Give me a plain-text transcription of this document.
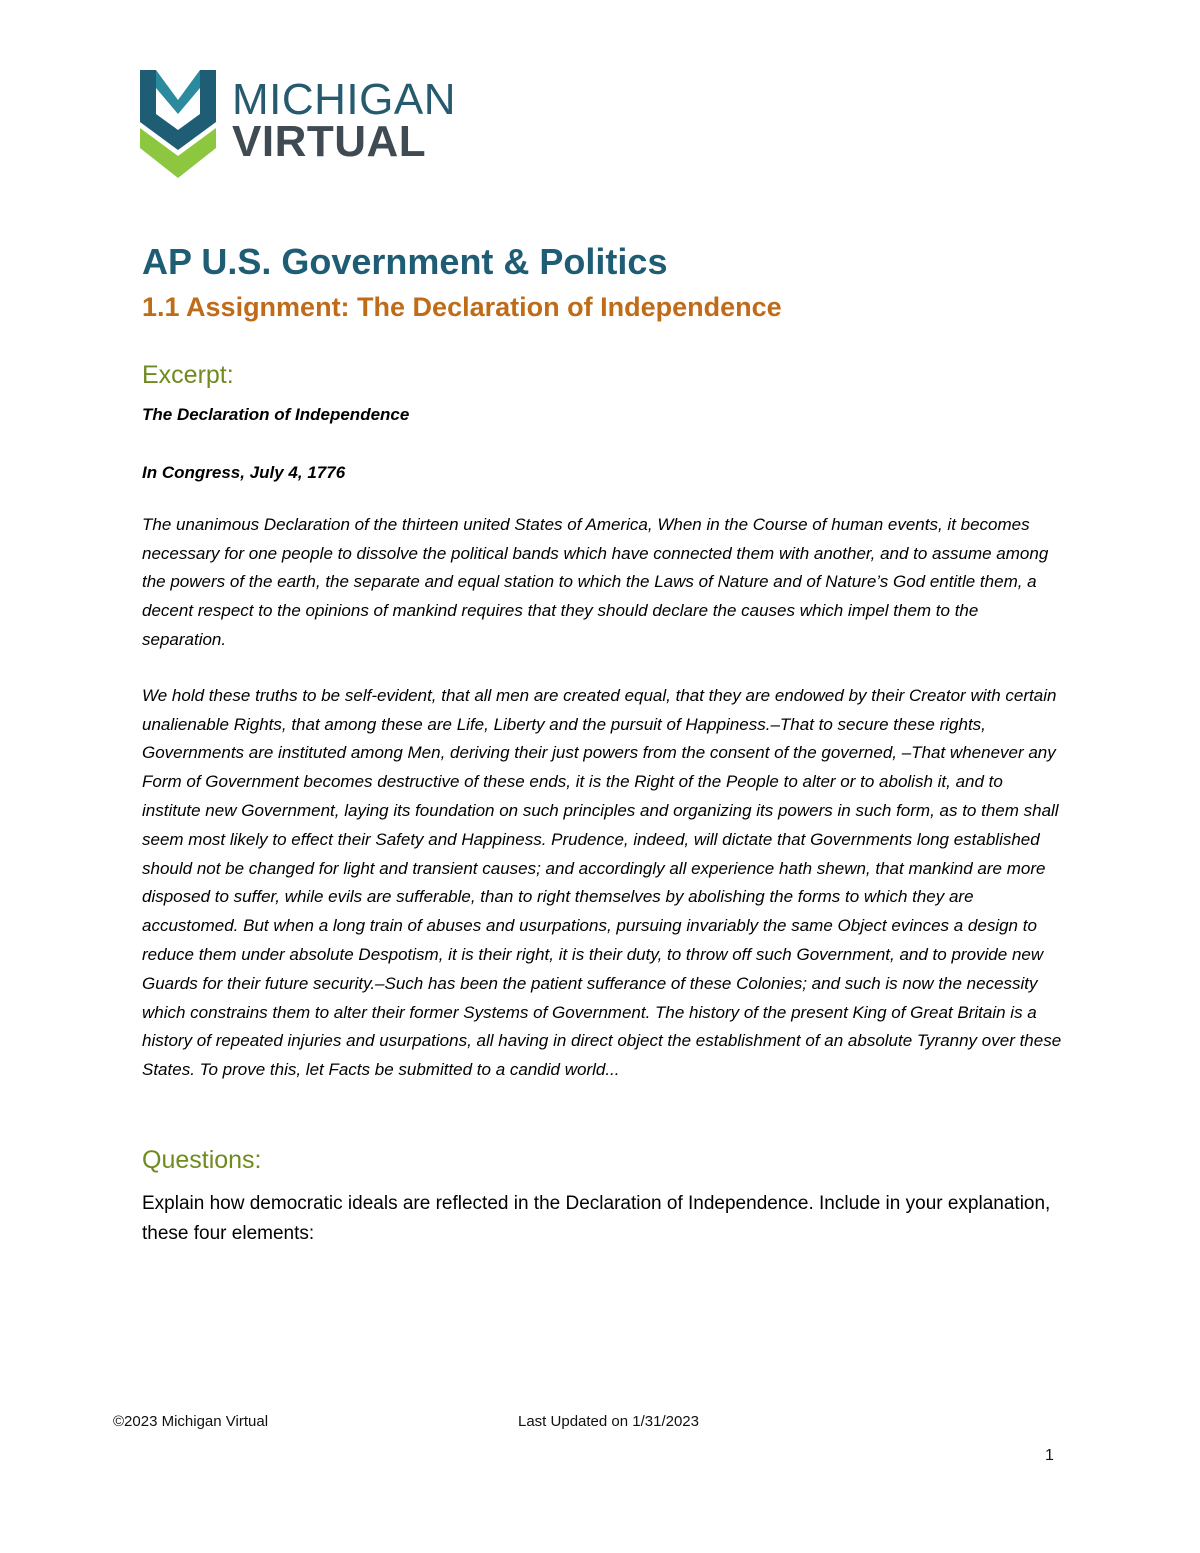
MICHIGAN
VIRTUAL
AP U.S. Government & Politics
1.1 Assignment: The Declaration of Independence
Excerpt:

The Declaration of Independence

In Congress, July 4, 1776

The unanimous Declaration of the thirteen united States of America, When in the Course of human events, it becomes necessary for one people to dissolve the political bands which have connected them with another, and to assume among the powers of the earth, the separate and equal station to which the Laws of Nature and of Nature’s God entitle them, a decent respect to the opinions of mankind requires that they should declare the causes which impel them to the separation.

We hold these truths to be self-evident, that all men are created equal, that they are endowed by their Creator with certain unalienable Rights, that among these are Life, Liberty and the pursuit of Happiness.–That to secure these rights, Governments are instituted among Men, deriving their just powers from the consent of the governed, –That whenever any Form of Government becomes destructive of these ends, it is the Right of the People to alter or to abolish it, and to institute new Government, laying its foundation on such principles and organizing its powers in such form, as to them shall seem most likely to effect their Safety and Happiness. Prudence, indeed, will dictate that Governments long established should not be changed for light and transient causes; and accordingly all experience hath shewn, that mankind are more disposed to suffer, while evils are sufferable, than to right themselves by abolishing the forms to which they are accustomed. But when a long train of abuses and usurpations, pursuing invariably the same Object evinces a design to reduce them under absolute Despotism, it is their right, it is their duty, to throw off such Government, and to provide new Guards for their future security.–Such has been the patient sufferance of these Colonies; and such is now the necessity which constrains them to alter their former Systems of Government. The history of the present King of Great Britain is a history of repeated injuries and usurpations, all having in direct object the establishment of an absolute Tyranny over these States. To prove this, let Facts be submitted to a candid world...

Questions:

Explain how democratic ideals are reflected in the Declaration of Independence. Include in your explanation, these four elements:

©2023 Michigan Virtual	Last Updated on 1/31/2023
1
